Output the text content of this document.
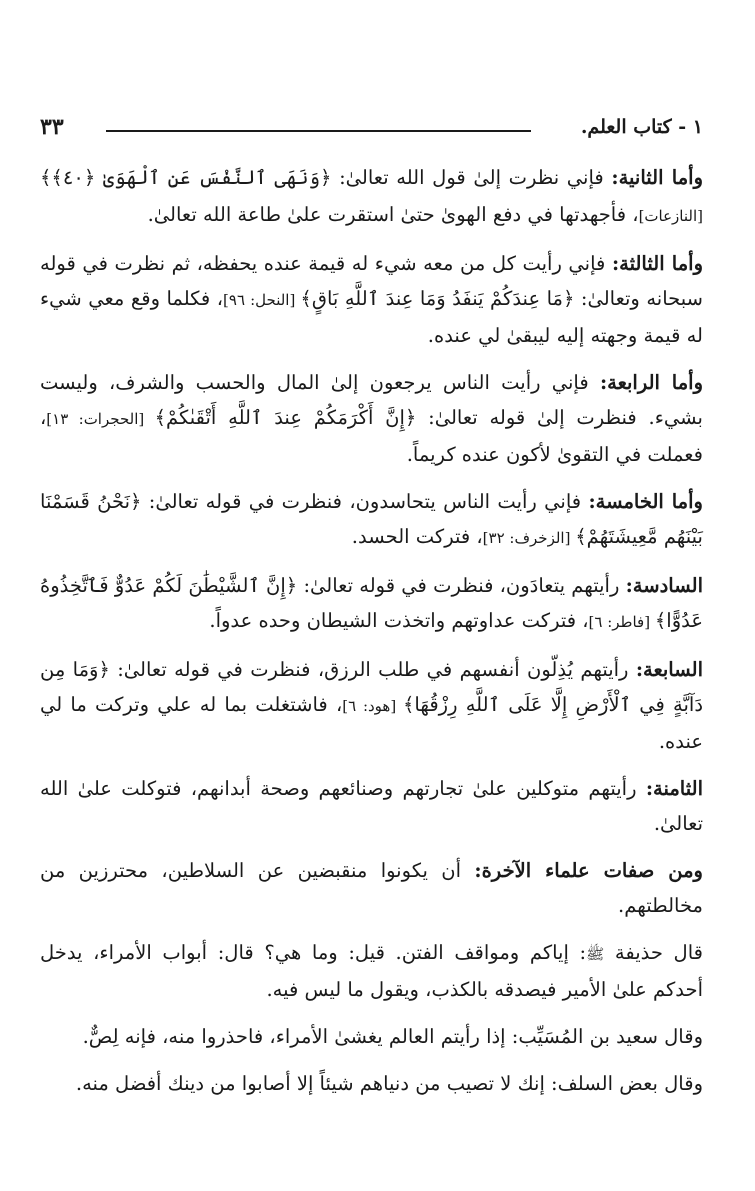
١ - كتاب العلم.
٣٣

وأما الثانية: فإني نظرت إلىٰ قول الله تعالىٰ: ﴿وَنَهَى ٱلنَّفْسَ عَنِ ٱلْهَوَىٰ ﴿٤٠﴾﴾ [النازعات]، فأجهدتها في دفع الهوىٰ حتىٰ استقرت علىٰ طاعة الله تعالىٰ.

وأما الثالثة: فإني رأيت كل من معه شيء له قيمة عنده يحفظه، ثم نظرت في قوله سبحانه وتعالىٰ: ﴿مَا عِندَكُمْ يَنفَدُ وَمَا عِندَ ٱللَّهِ بَاقٍ﴾ [النحل: ٩٦]، فكلما وقع معي شيء له قيمة وجهته إليه ليبقىٰ لي عنده.

وأما الرابعة: فإني رأيت الناس يرجعون إلىٰ المال والحسب والشرف، وليست بشيء. فنظرت إلىٰ قوله تعالىٰ: ﴿إِنَّ أَكْرَمَكُمْ عِندَ ٱللَّهِ أَتْقَىٰكُمْ﴾ [الحجرات: ١٣]، فعملت في التقوىٰ لأكون عنده كريماً.

وأما الخامسة: فإني رأيت الناس يتحاسدون، فنظرت في قوله تعالىٰ: ﴿نَحْنُ قَسَمْنَا بَيْنَهُم مَّعِيشَتَهُمْ﴾ [الزخرف: ٣٢]، فتركت الحسد.

السادسة: رأيتهم يتعادَون، فنظرت في قوله تعالىٰ: ﴿إِنَّ ٱلشَّيْطَٰنَ لَكُمْ عَدُوٌّ فَٱتَّخِذُوهُ عَدُوًّا﴾ [فاطر: ٦]، فتركت عداوتهم واتخذت الشيطان وحده عدواً.

السابعة: رأيتهم يُذِلّون أنفسهم في طلب الرزق، فنظرت في قوله تعالىٰ: ﴿وَمَا مِن دَآبَّةٍ فِي ٱلْأَرْضِ إِلَّا عَلَى ٱللَّهِ رِزْقُهَا﴾ [هود: ٦]، فاشتغلت بما له علي وتركت ما لي عنده.

الثامنة: رأيتهم متوكلين علىٰ تجارتهم وصنائعهم وصحة أبدانهم، فتوكلت علىٰ الله تعالىٰ.

ومن صفات علماء الآخرة: أن يكونوا منقبضين عن السلاطين، محترزين من مخالطتهم.

قال حذيفة ﷺ: إياكم ومواقف الفتن. قيل: وما هي؟ قال: أبواب الأمراء، يدخل أحدكم علىٰ الأمير فيصدقه بالكذب، ويقول ما ليس فيه.

وقال سعيد بن المُسَيِّب: إذا رأيتم العالم يغشىٰ الأمراء، فاحذروا منه، فإنه لِصٌّ.

وقال بعض السلف: إنك لا تصيب من دنياهم شيئاً إلا أصابوا من دينك أفضل منه.
